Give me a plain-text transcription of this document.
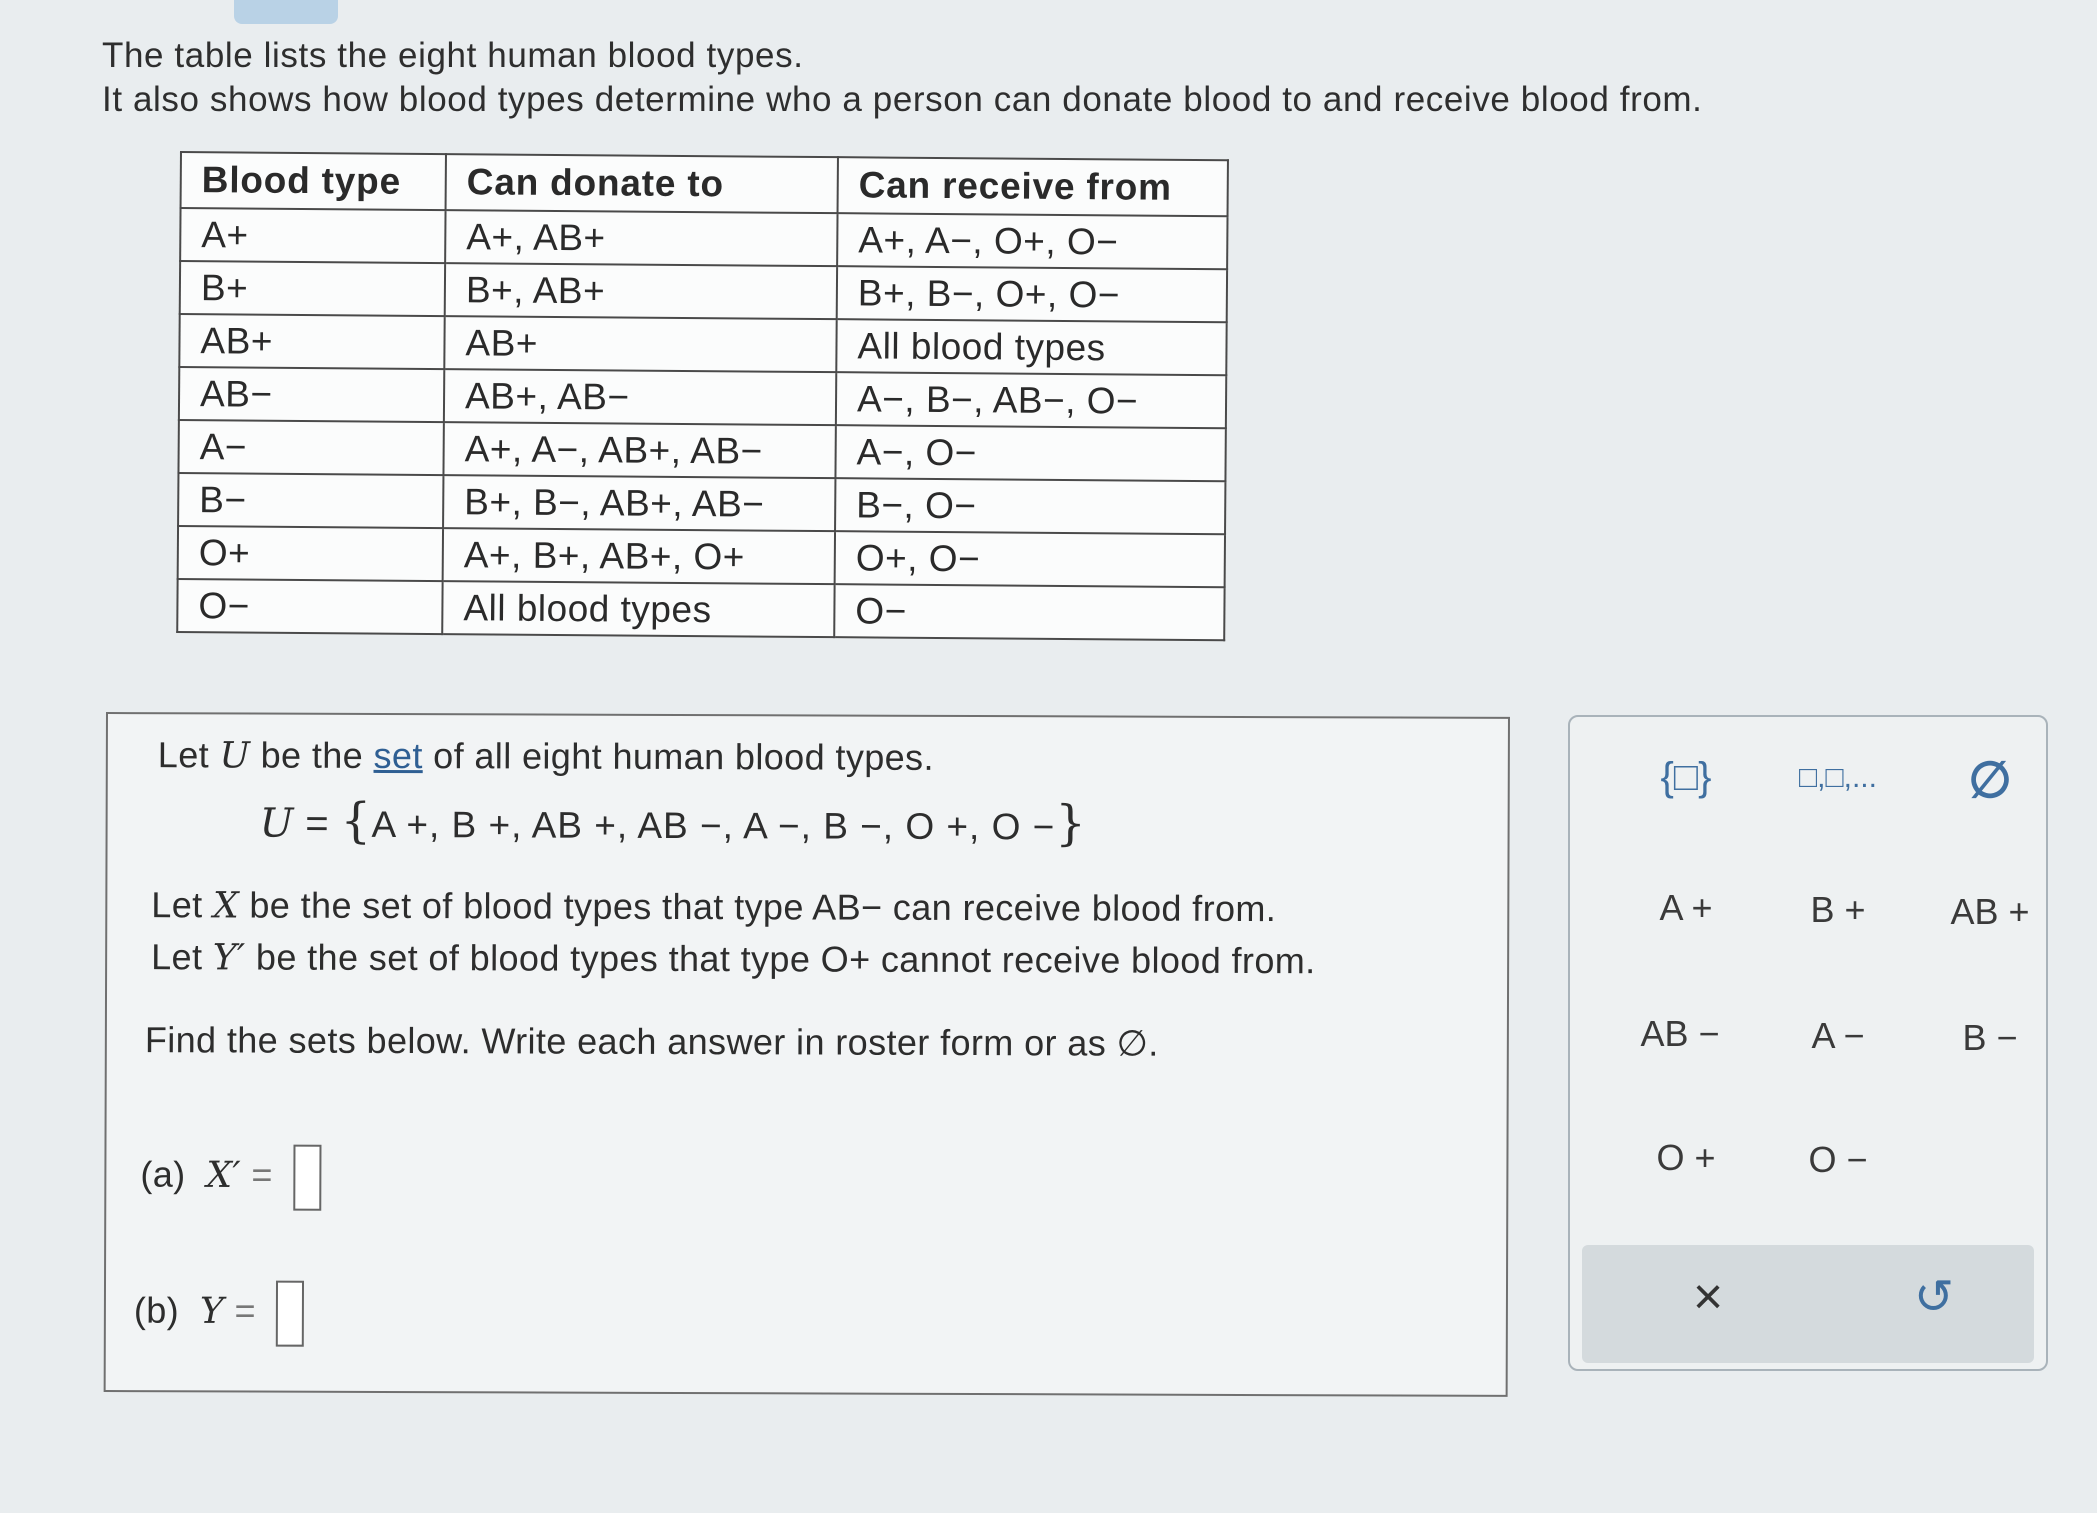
The table lists the eight human blood types.
It also shows how blood types determine who a person can donate blood to and receive blood from.
Blood type	Can donate to	Can receive from
A+	A+, AB+	A+, A−, O+, O−
B+	B+, AB+	B+, B−, O+, O−
AB+	AB+	All blood types
AB−	AB+, AB−	A−, B−, AB−, O−
A−	A+, A−, AB+, AB−	A−, O−
B−	B+, B−, AB+, AB−	B−, O−
O+	A+, B+, AB+, O+	O+, O−
O−	All blood types	O−
Let U be the set of all eight human blood types.
U = {A +, B +, AB +, AB −, A −, B −, O +, O −}
Let X be the set of blood types that type AB− can receive blood from.
Let Y′ be the set of blood types that type O+ cannot receive blood from.
Find the sets below. Write each answer in roster form or as ∅.
(a) X′ =
(b) Y =
{□}	□,□,...	∅
A +	B +	AB +
AB −	A −	B −
O +	O −
×	↺
